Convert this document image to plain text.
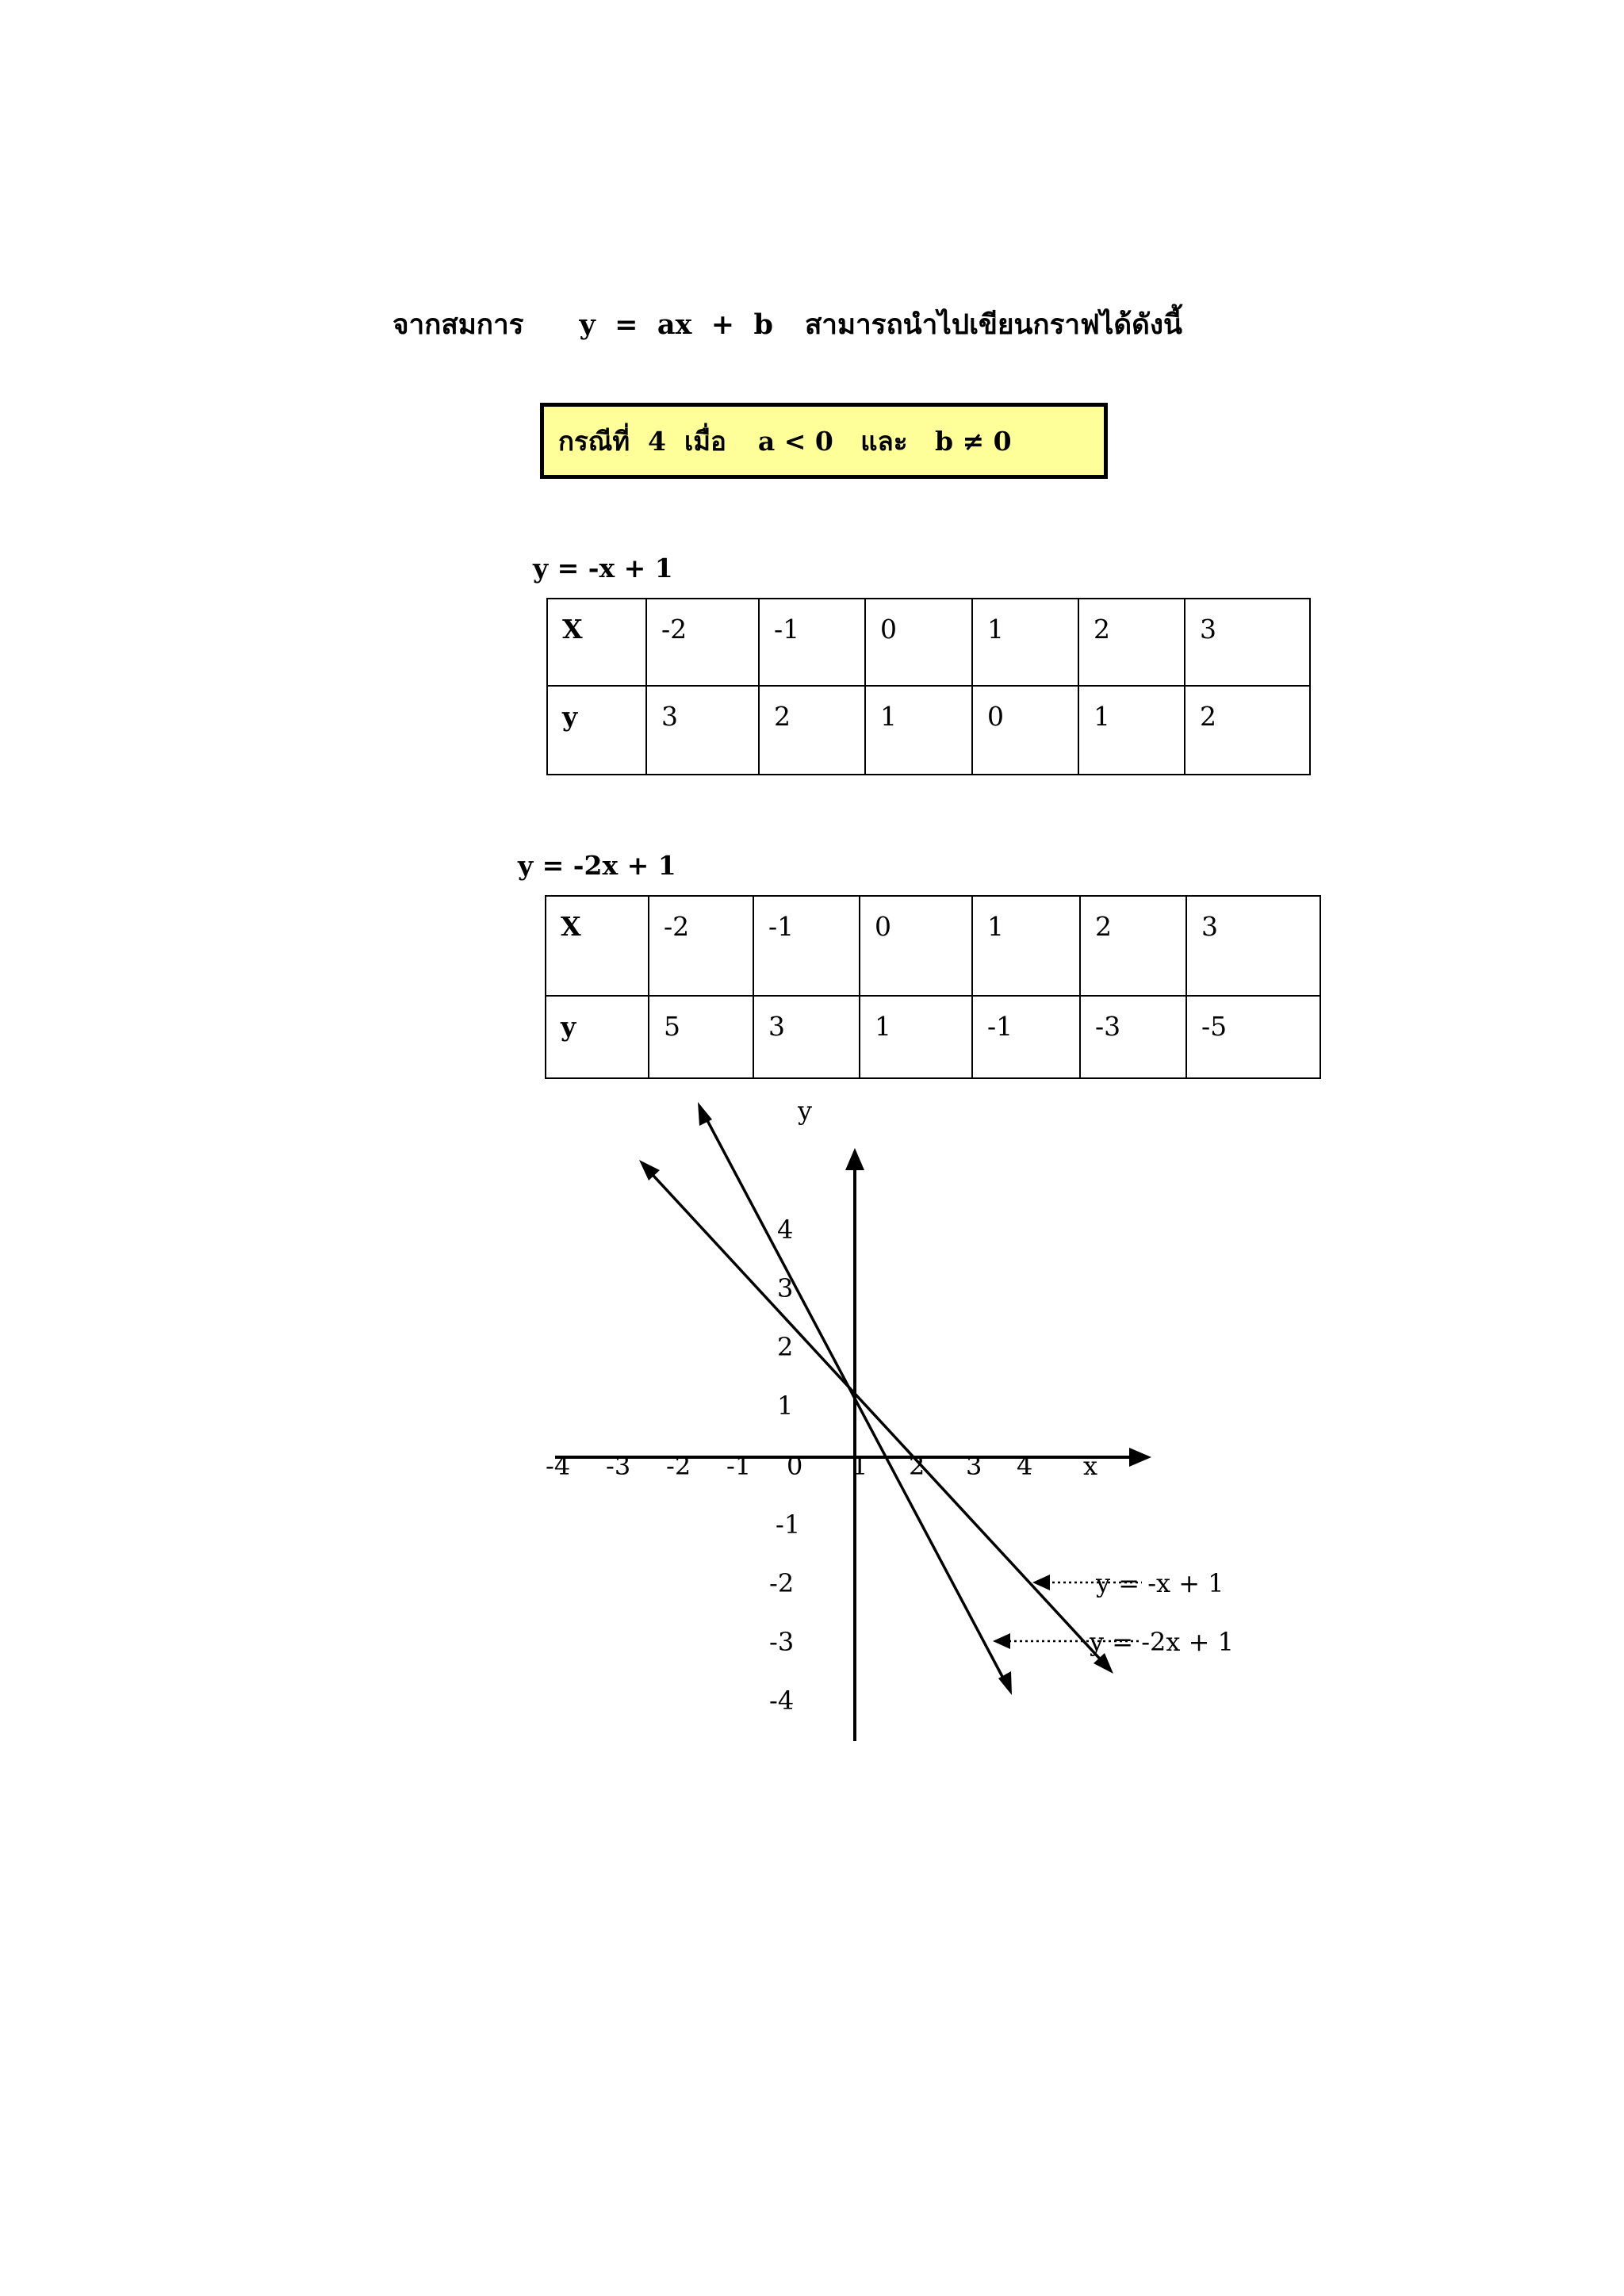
จากสมการ y  =  ax  +  b สามารถนำไปเขียนกราฟได้ดังนี้
กรณีที่  4  เมื่อ a < 0   และ   b ≠ 0
y = -x + 1
X	-2	-1	0	1	2	3
y	3	2	1	0	1	2
y = -2x + 1
X	-2	-1	0	1	2	3
y	5	3	1	-1	-3	-5
y
x
-4 -3 -2 -1 0 1 2 3 4
4
3
2
1
-1
-2
-3
-4
y = -x + 1
y = -2x + 1
